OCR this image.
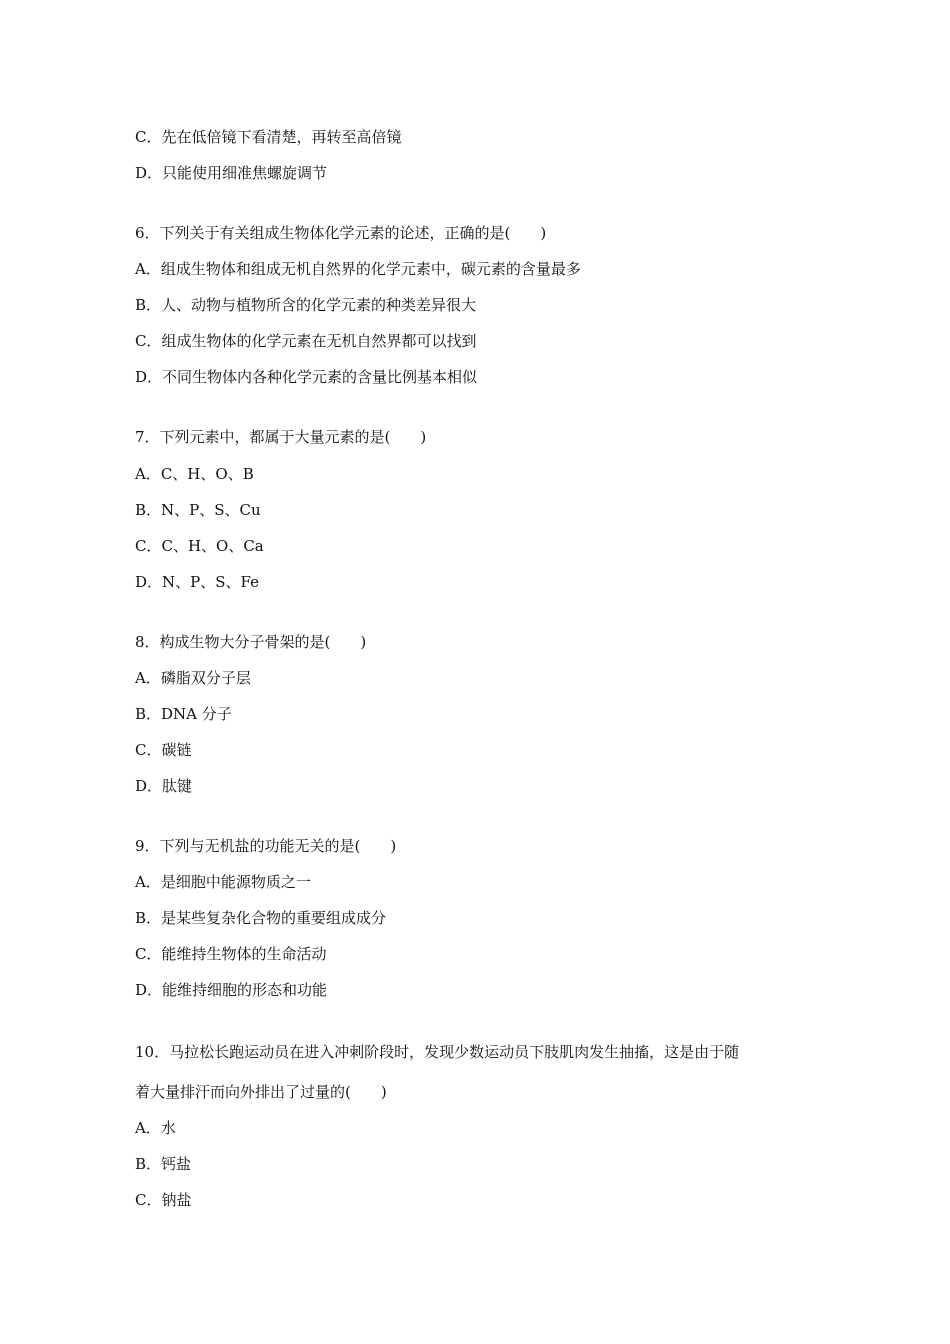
C．先在低倍镜下看清楚，再转至高倍镜
D．只能使用细准焦螺旋调节
6．下列关于有关组成生物体化学元素的论述，正确的是(　　)
A．组成生物体和组成无机自然界的化学元素中，碳元素的含量最多
B．人、动物与植物所含的化学元素的种类差异很大
C．组成生物体的化学元素在无机自然界都可以找到
D．不同生物体内各种化学元素的含量比例基本相似
7．下列元素中，都属于大量元素的是(　　)
A．C、H、O、B
B．N、P、S、Cu
C．C、H、O、Ca
D．N、P、S、Fe
8．构成生物大分子骨架的是(　　)
A．磷脂双分子层
B．DNA 分子
C．碳链
D．肽键
9．下列与无机盐的功能无关的是(　　)
A．是细胞中能源物质之一
B．是某些复杂化合物的重要组成成分
C．能维持生物体的生命活动
D．能维持细胞的形态和功能
10．马拉松长跑运动员在进入冲刺阶段时，发现少数运动员下肢肌肉发生抽搐，这是由于随
着大量排汗而向外排出了过量的(　　)
A．水
B．钙盐
C．钠盐
